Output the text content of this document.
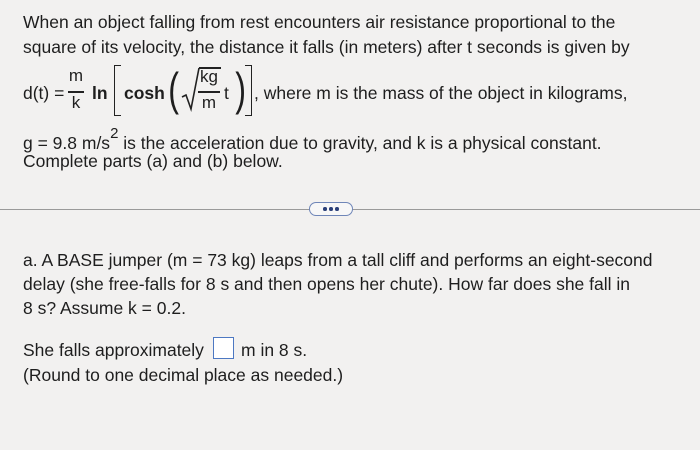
When an object falling from rest encounters air resistance proportional to the
square of its velocity, the distance it falls (in meters) after t seconds is given by
d(t) =
m
k ln cosh ( kg
m t ) , where m is the mass of the object in kilograms,
g = 9.8 $m/s^2$ is the acceleration due to gravity, and k is a physical constant.
Complete parts (a) and (b) below.
a. A BASE jumper (m = 73 kg) leaps from a tall cliff and performs an eight-second
delay (she free-falls for 8 s and then opens her chute). How far does she fall in
8 s? Assume k = 0.2.
She falls approximately m in 8 s.
(Round to one decimal place as needed.)
